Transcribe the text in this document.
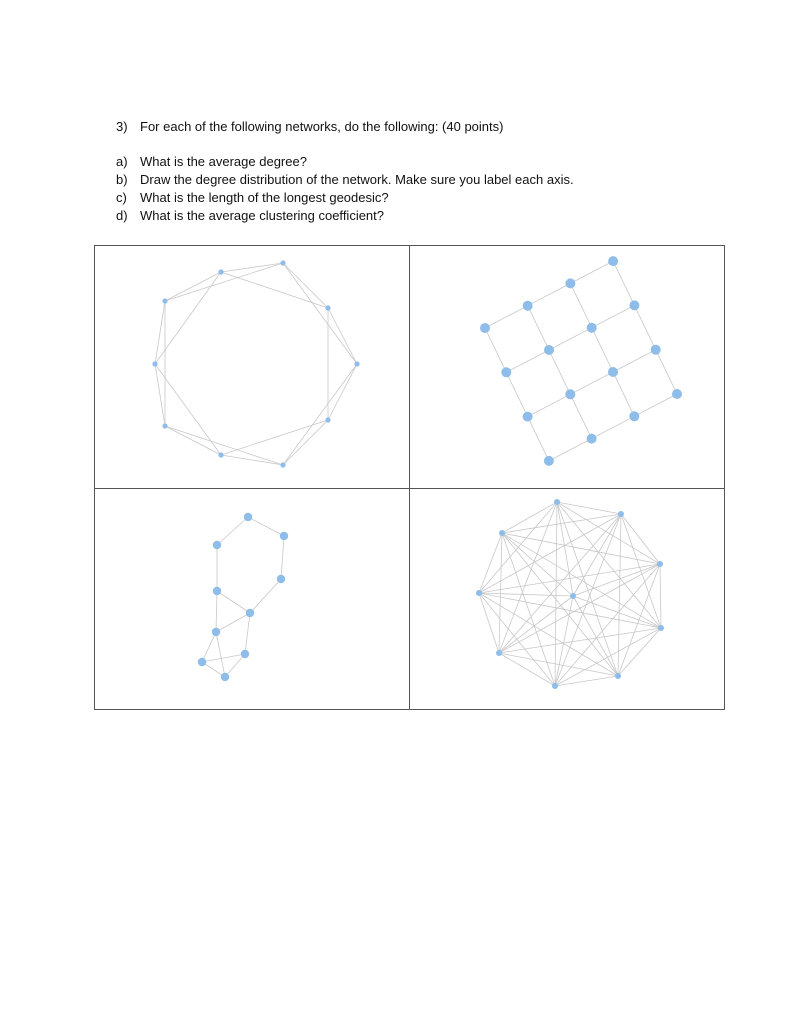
3) For each of the following networks, do the following: (40 points)
a) What is the average degree?
b) Draw the degree distribution of the network. Make sure you label each axis.
c) What is the length of the longest geodesic?
d) What is the average clustering coefficient?
